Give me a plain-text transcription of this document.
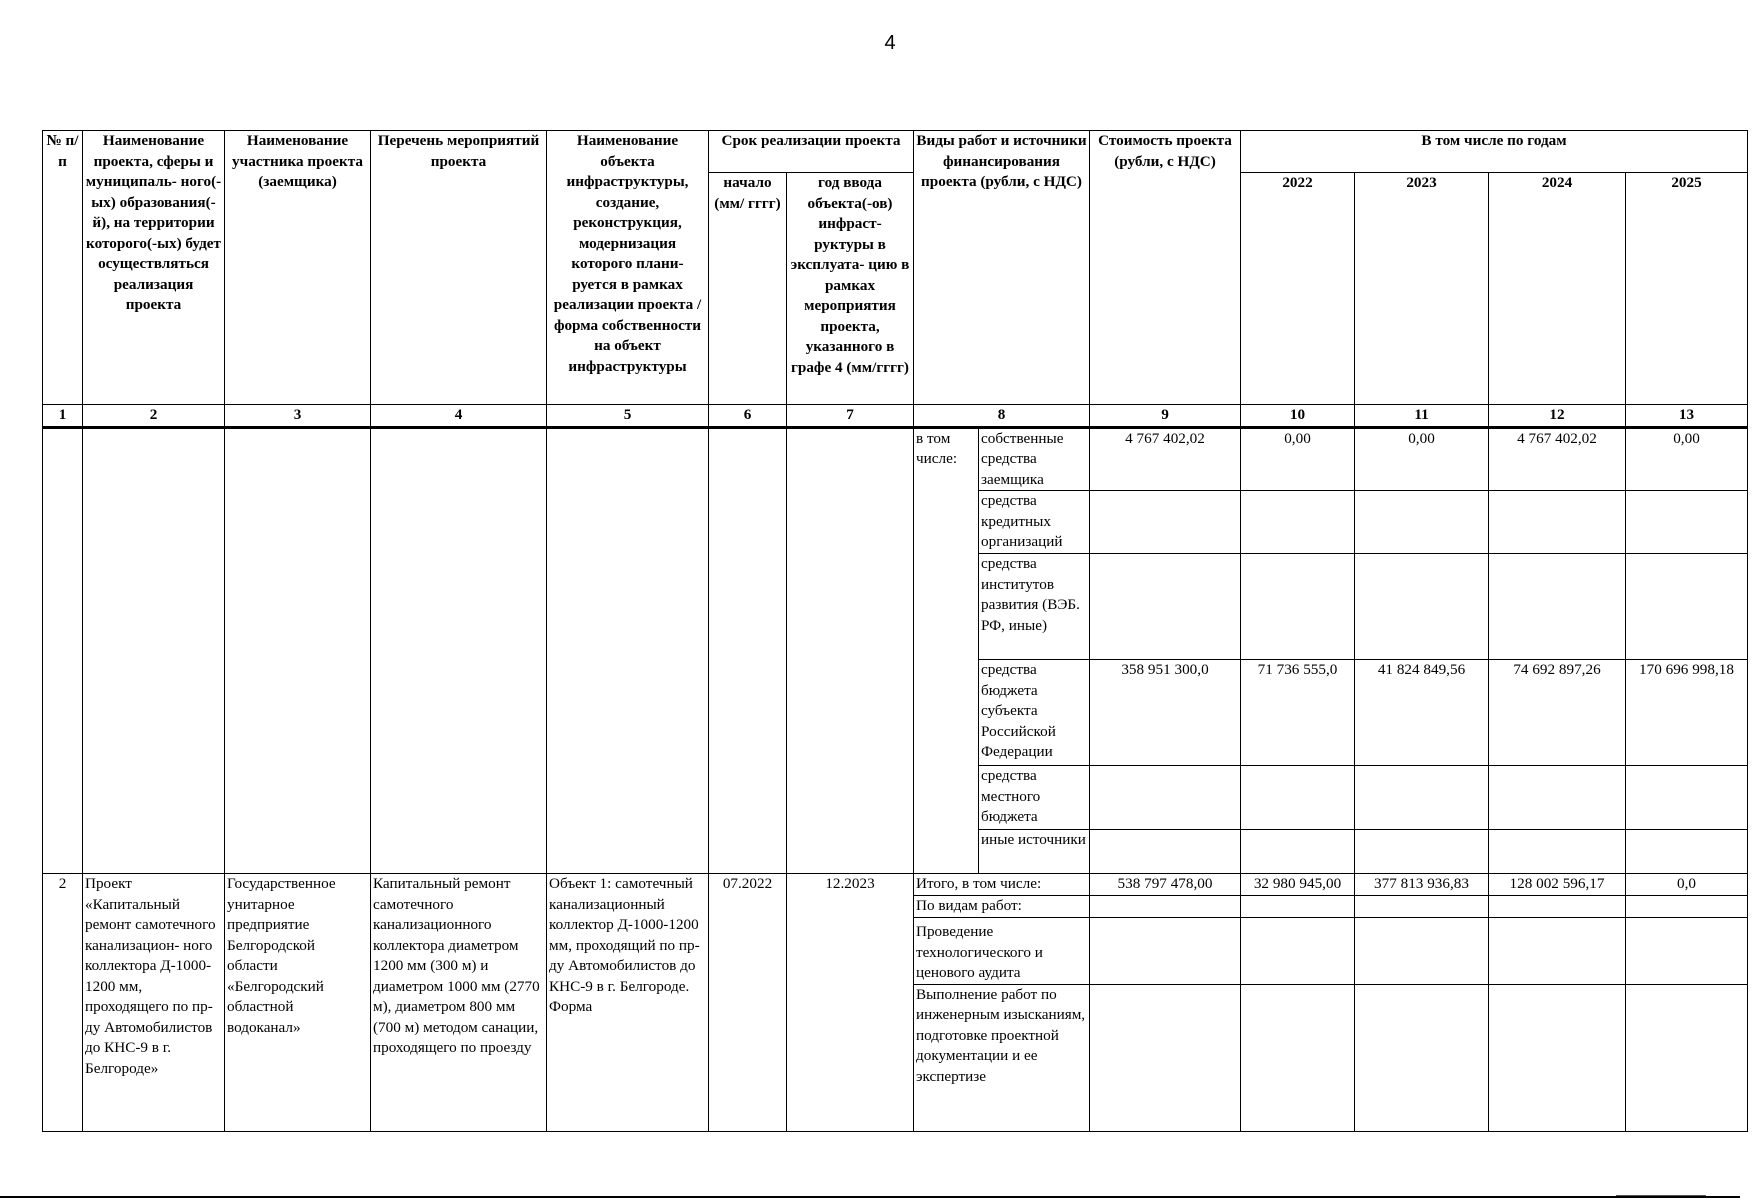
4
№ п/п	Наименование проекта, сферы и муниципаль- ного(-ых) образования(-й), на территории которого(-ых) будет осуществляться реализация проекта	Наименование участника проекта (заемщика)	Перечень мероприятий проекта	Наименование объекта инфраструктуры, создание, реконструкция, модернизация которого плани- руется в рамках реализации проекта / форма собственности на объект инфраструктуры	Срок реализации проекта		Виды работ и источники финансирования проекта (рубли, с НДС)		Стоимость проекта (рубли, с НДС)	В том числе по годам			
					начало (мм/ гггг)	год ввода объекта(-ов) инфраст- руктуры в эксплуата- цию в рамках мероприятия проекта, указанного в графе 4 (мм/гггг)				2022	2023	2024	2025
1	2	3	4	5	6	7	8		9	10	11	12	13
							в том числе:	собственные средства заемщика	4 767 402,02	0,00	0,00	4 767 402,02	0,00
								средства кредитных организаций					
								средства институтов развития (ВЭБ. РФ, иные)					
								средства бюджета субъекта Российской Федерации	358 951 300,0	71 736 555,0	41 824 849,56	74 692 897,26	170 696 998,18
								средства местного бюджета					
								иные источники					
2	Проект «Капитальный ремонт самотечного канализацион- ного коллектора Д-1000-1200 мм, проходящего по пр-ду Автомобилистов до КНС-9 в г. Белгороде»	Государственное унитарное предприятие Белгородской области «Белгородский областной водоканал»	Капитальный ремонт самотечного канализационного коллектора диаметром 1200 мм (300 м) и диаметром 1000 мм (2770 м), диаметром 800 мм (700 м) методом санации, проходящего по проезду	Объект 1: самотечный канализационный коллектор Д-1000-1200 мм, проходящий по пр-ду Автомобилистов до КНС-9 в г. Белгороде. Форма	07.2022	12.2023	Итого, в том числе:		538 797 478,00	32 980 945,00	377 813 936,83	128 002 596,17	0,0
							По видам работ:						
							Проведение технологического и ценового аудита						
							Выполнение работ по инженерным изысканиям, подготовке проектной документации и ее экспертизе						
